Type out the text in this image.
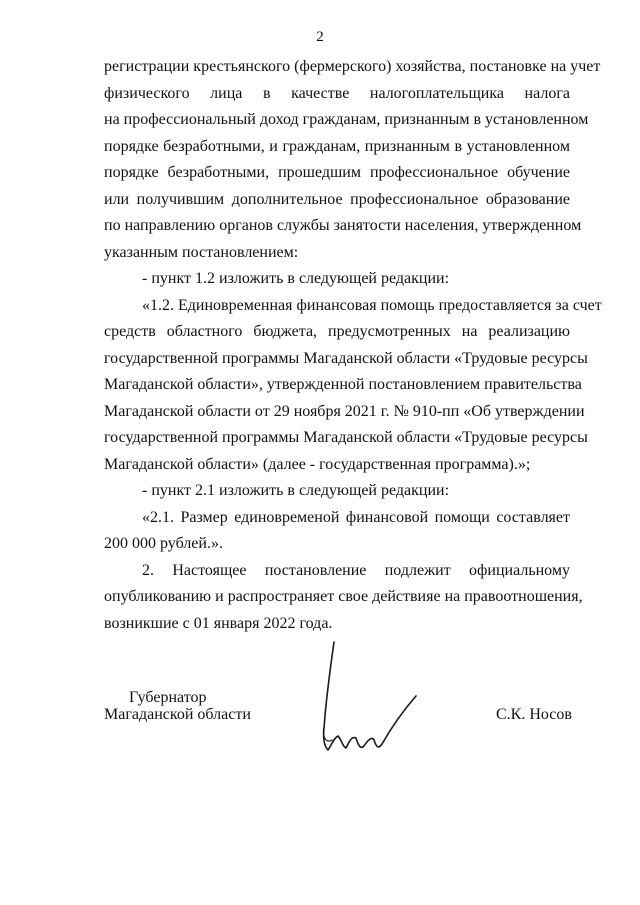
2
регистрации крестьянского (фермерского) хозяйства, постановке на учет
физического лица в качестве налогоплательщика налога
на профессиональный доход гражданам, признанным в установленном
порядке безработными, и гражданам, признанным в установленном
порядке безработными, прошедшим профессиональное обучение
или получившим дополнительное профессиональное образование
по направлению органов службы занятости населения, утвержденном
указанным постановлением:
- пункт 1.2 изложить в следующей редакции:
«1.2. Единовременная финансовая помощь предоставляется за счет
средств областного бюджета, предусмотренных на реализацию
государственной программы Магаданской области «Трудовые ресурсы
Магаданской области», утвержденной постановлением правительства
Магаданской области от 29 ноября 2021 г. № 910-пп «Об утверждении
государственной программы Магаданской области «Трудовые ресурсы
Магаданской области» (далее - государственная программа).»;
- пункт 2.1 изложить в следующей редакции:
«2.1. Размер единовременой финансовой помощи составляет
200 000 рублей.».
2. Настоящее постановление подлежит официальному
опубликованию и распространяет свое действияе на правоотношения,
возникшие с 01 января 2022 года.
Губернатор
Магаданской области	С.К. Носов
